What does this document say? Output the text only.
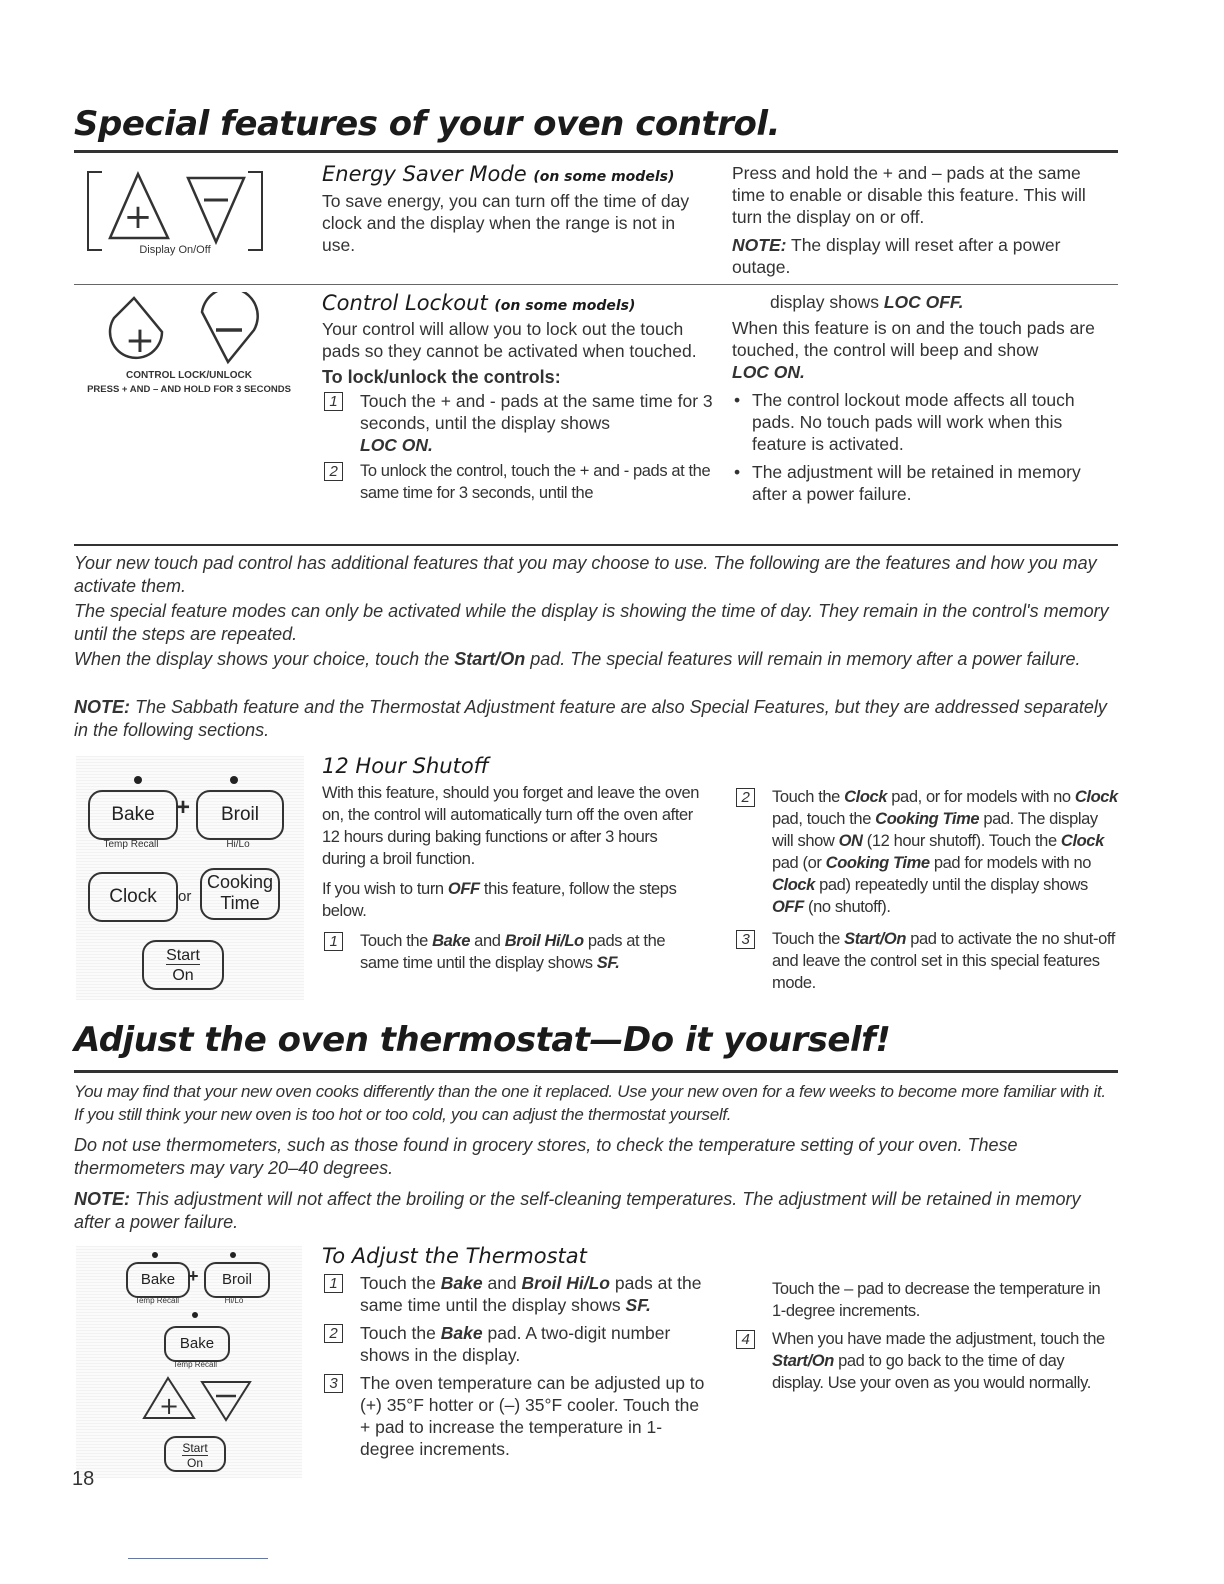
Special features of your oven control.
+
Display On/Off
Energy Saver Mode (on some models)
To save energy, you can turn off the time of day clock and the display when the range is not in use.
Press and hold the + and – pads at the same time to enable or disable this feature. This will turn the display on or off.
NOTE: The display will reset after a power outage.
+
CONTROL LOCK/UNLOCK
PRESS + AND – AND HOLD FOR 3 SECONDS
Control Lockout (on some models)
Your control will allow you to lock out the touch pads so they cannot be activated when touched.
To lock/unlock the controls:
1	Touch the + and - pads at the same time for 3 seconds, until the display shows
LOC ON.
2	To unlock the control, touch the + and - pads at the same time for 3 seconds, until the
display shows LOC OFF.
When this feature is on and the touch pads are touched, the control will beep and show
LOC ON.
• The control lockout mode affects all touch pads. No touch pads will work when this feature is activated.
• The adjustment will be retained in memory after a power failure.
Your new touch pad control has additional features that you may choose to use. The following are the features and how you may activate them.
The special feature modes can only be activated while the display is showing the time of day. They remain in the control's memory until the steps are repeated.
When the display shows your choice, touch the Start/On pad. The special features will remain in memory after a power failure.
NOTE: The Sabbath feature and the Thermostat Adjustment feature are also Special Features, but they are addressed separately in the following sections.
Bake +	Broil
Temp Recall	Hi/Lo
Clock	or
Cooking
Time
Start
On
12 Hour Shutoff
With this feature, should you forget and leave the oven on, the control will automatically turn off the oven after 12 hours during baking functions or after 3 hours during a broil function.
If you wish to turn OFF this feature, follow the steps below.
1	Touch the Bake and Broil Hi/Lo pads at the same time until the display shows SF.
2	Touch the Clock pad, or for models with no Clock pad, touch the Cooking Time pad. The display will show ON (12 hour shutoff). Touch the Clock pad (or Cooking Time pad for models with no Clock pad) repeatedly until the display shows OFF (no shutoff).
3	Touch the Start/On pad to activate the no shut-off and leave the control set in this special features mode.
Adjust the oven thermostat—Do it yourself!
You may find that your new oven cooks differently than the one it replaced. Use your new oven for a few weeks to become more familiar with it. If you still think your new oven is too hot or too cold, you can adjust the thermostat yourself.
Do not use thermometers, such as those found in grocery stores, to check the temperature setting of your oven. These thermometers may vary 20–40 degrees.
NOTE: This adjustment will not affect the broiling or the self-cleaning temperatures. The adjustment will be retained in memory after a power failure.
Bake +	Broil
Temp Recall	Hi/Lo
Bake
Temp Recall
+
Start
On
To Adjust the Thermostat
1	Touch the Bake and Broil Hi/Lo pads at the same time until the display shows SF.
2	Touch the Bake pad. A two-digit number shows in the display.
3	The oven temperature can be adjusted up to (+) 35°F hotter or (–) 35°F cooler. Touch the + pad to increase the temperature in 1-degree increments.
Touch the – pad to decrease the temperature in 1-degree increments.
4	When you have made the adjustment, touch the Start/On pad to go back to the time of day display. Use your oven as you would normally.
18
